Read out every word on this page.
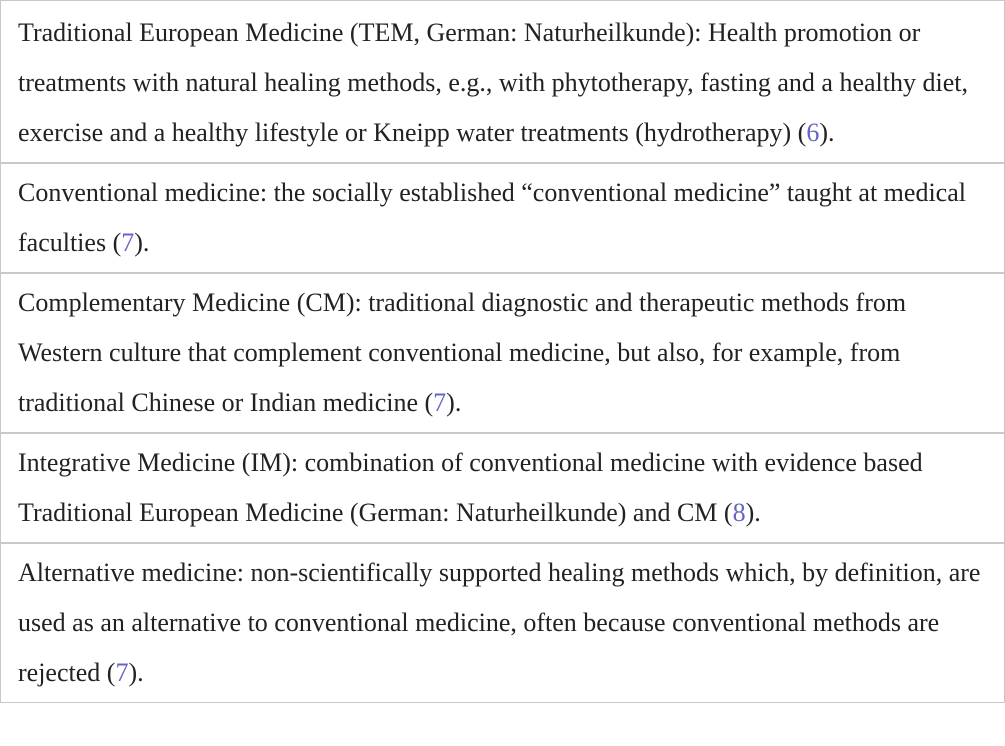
Traditional European Medicine (TEM, German: Naturheilkunde): Health promotion or treatments with natural healing methods, e.g., with phytotherapy, fasting and a healthy diet, exercise and a healthy lifestyle or Kneipp water treatments (hydrotherapy) (6).
Conventional medicine: the socially established “conventional medicine” taught at medical faculties (7).
Complementary Medicine (CM): traditional diagnostic and therapeutic methods from Western culture that complement conventional medicine, but also, for example, from traditional Chinese or Indian medicine (7).
Integrative Medicine (IM): combination of conventional medicine with evidence based Traditional European Medicine (German: Naturheilkunde) and CM (8).
Alternative medicine: non-scientifically supported healing methods which, by definition, are used as an alternative to conventional medicine, often because conventional methods are rejected (7).
